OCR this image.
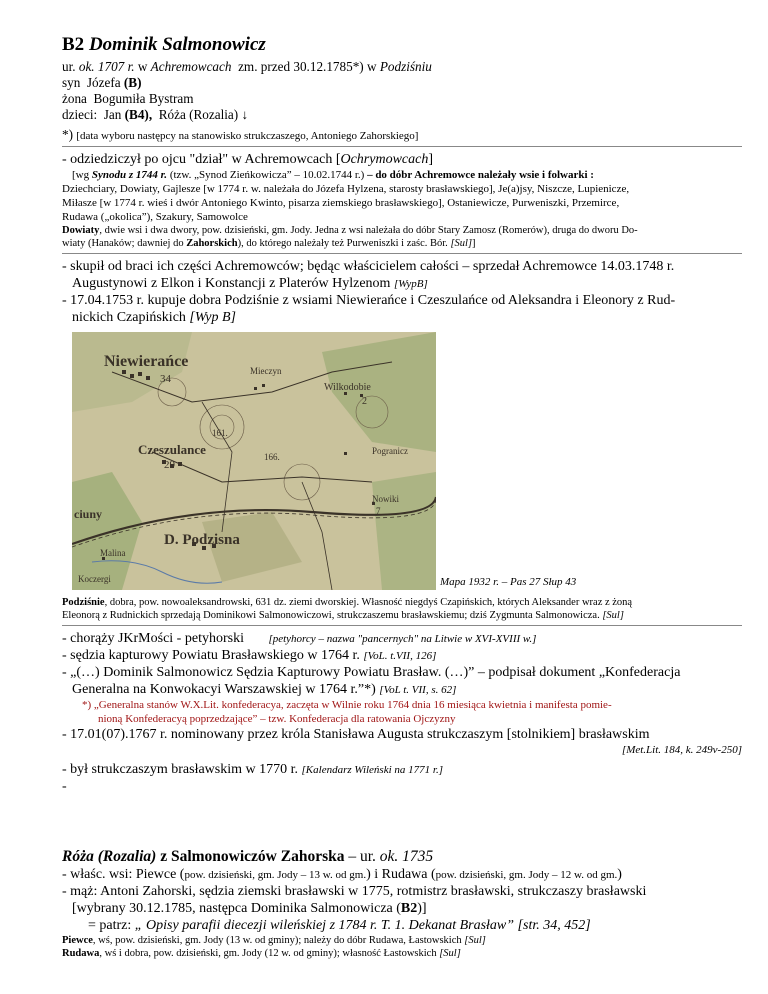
B2 Dominik Salmonowicz
ur. ok. 1707 r. w Achremowcach zm. przed 30.12.1785*) w Podziśniu
syn Józefa (B)
żona Bogumiła Bystram
dzieci: Jan (B4), Róża (Rozalia) ↓
*) [data wyboru następcy na stanowisko strukczaszego, Antoniego Zahorskiego]
- odziedziczył po ojcu "dział" w Achremowcach [Ochrymowcach]
[wg Synodu z 1744 r. (tzw. „Synod Zieńkowicza” – 10.02.1744 r.) – do dóbr Achremowce należały wsie i folwarki :
Dziechciary, Dowiaty, Gajlesze [w 1774 r. w. należała do Józefa Hylzena, starosty brasławskiego], Je(a)jsy, Niszcze, Lupienicze,
Miłasze [w 1774 r. wieś i dwór Antoniego Kwinto, pisarza ziemskiego brasławskiego], Ostaniewicze, Purweniszki, Przemirce,
Rudawa („okolica”), Szakury, Samowolce
Dowiaty, dwie wsi i dwa dwory, pow. dzisieński, gm. Jody. Jedna z wsi należała do dóbr Stary Zamosz (Romerów), druga do dworu Do-
wiaty (Hanaków; dawniej do Zahorskich), do którego należały też Purweniszki i zaśc. Bór. [Sul]]
- skupił od braci ich części Achremowców; będąc właścicielem całości – sprzedał Achremowce 14.03.1748 r.
Augustynowi z Elkon i Konstancji z Platerów Hylzenom [WypB]
- 17.04.1753 r. kupuje dobra Podziśnie z wsiami Niewierańce i Czeszulańce od Aleksandra i Eleonory z Rud-
nickich Czapińskich [Wyp B]
Niewierańce
34
Mieczyn
Wilkodobie
2
161.
Czeszulance
29
Pogranicz
166.
Nowiki
7
ciuny
D. Podzisna
Malina
Koczergi	Mapa 1932 r. – Pas 27 Słup 43
Podziśnie, dobra, pow. nowoaleksandrowski, 631 dz. ziemi dworskiej. Własność niegdyś Czapińskich, których Aleksander wraz z żoną
Eleonorą z Rudnickich sprzedają Dominikowi Salmonowiczowi, strukczaszemu brasławskiemu; dziś Zygmunta Salmonowicza. [Sul]
- chorąży JKrMości - petyhorski [petyhorcy – nazwa "pancernych" na Litwie w XVI-XVIII w.]
- sędzia kapturowy Powiatu Brasławskiego w 1764 r. [VoL. t.VII, 126]
- „(…) Dominik Salmonowicz Sędzia Kapturowy Powiatu Brasław. (…)” – podpisał dokument „Konfederacja
Generalna na Konwokacyi Warszawskiej w 1764 r.”*) [VoL t. VII, s. 62]
*) „Generalna stanów W.X.Lit. konfederacya, zaczęta w Wilnie roku 1764 dnia 16 miesiąca kwietnia i manifesta pomie-
nioną Konfederacyą poprzedzające” – tzw. Konfederacja dla ratowania Ojczyzny
- 17.01(07).1767 r. nominowany przez króla Stanisława Augusta strukczaszym [stolnikiem] brasławskim
[Met.Lit. 184, k. 249v-250]
- był strukczaszym brasławskim w 1770 r. [Kalendarz Wileński na 1771 r.]
-
Róża (Rozalia) z Salmonowiczów Zahorska – ur. ok. 1735
- właśc. wsi: Piewce (pow. dzisieński, gm. Jody – 13 w. od gm.) i Rudawa (pow. dzisieński, gm. Jody – 12 w. od gm.)
- mąż: Antoni Zahorski, sędzia ziemski brasławski w 1775, rotmistrz brasławski, strukczaszy brasławski
[wybrany 30.12.1785, następca Dominika Salmonowicza (B2)]
= patrz: „ Opisy parafii diecezji wileńskiej z 1784 r. T. 1. Dekanat Brasław” [str. 34, 452]
Piewce, wś, pow. dzisieński, gm. Jody (13 w. od gminy); należy do dóbr Rudawa, Łastowskich [Sul]
Rudawa, wś i dobra, pow. dzisieński, gm. Jody (12 w. od gminy); własność Łastowskich [Sul]
